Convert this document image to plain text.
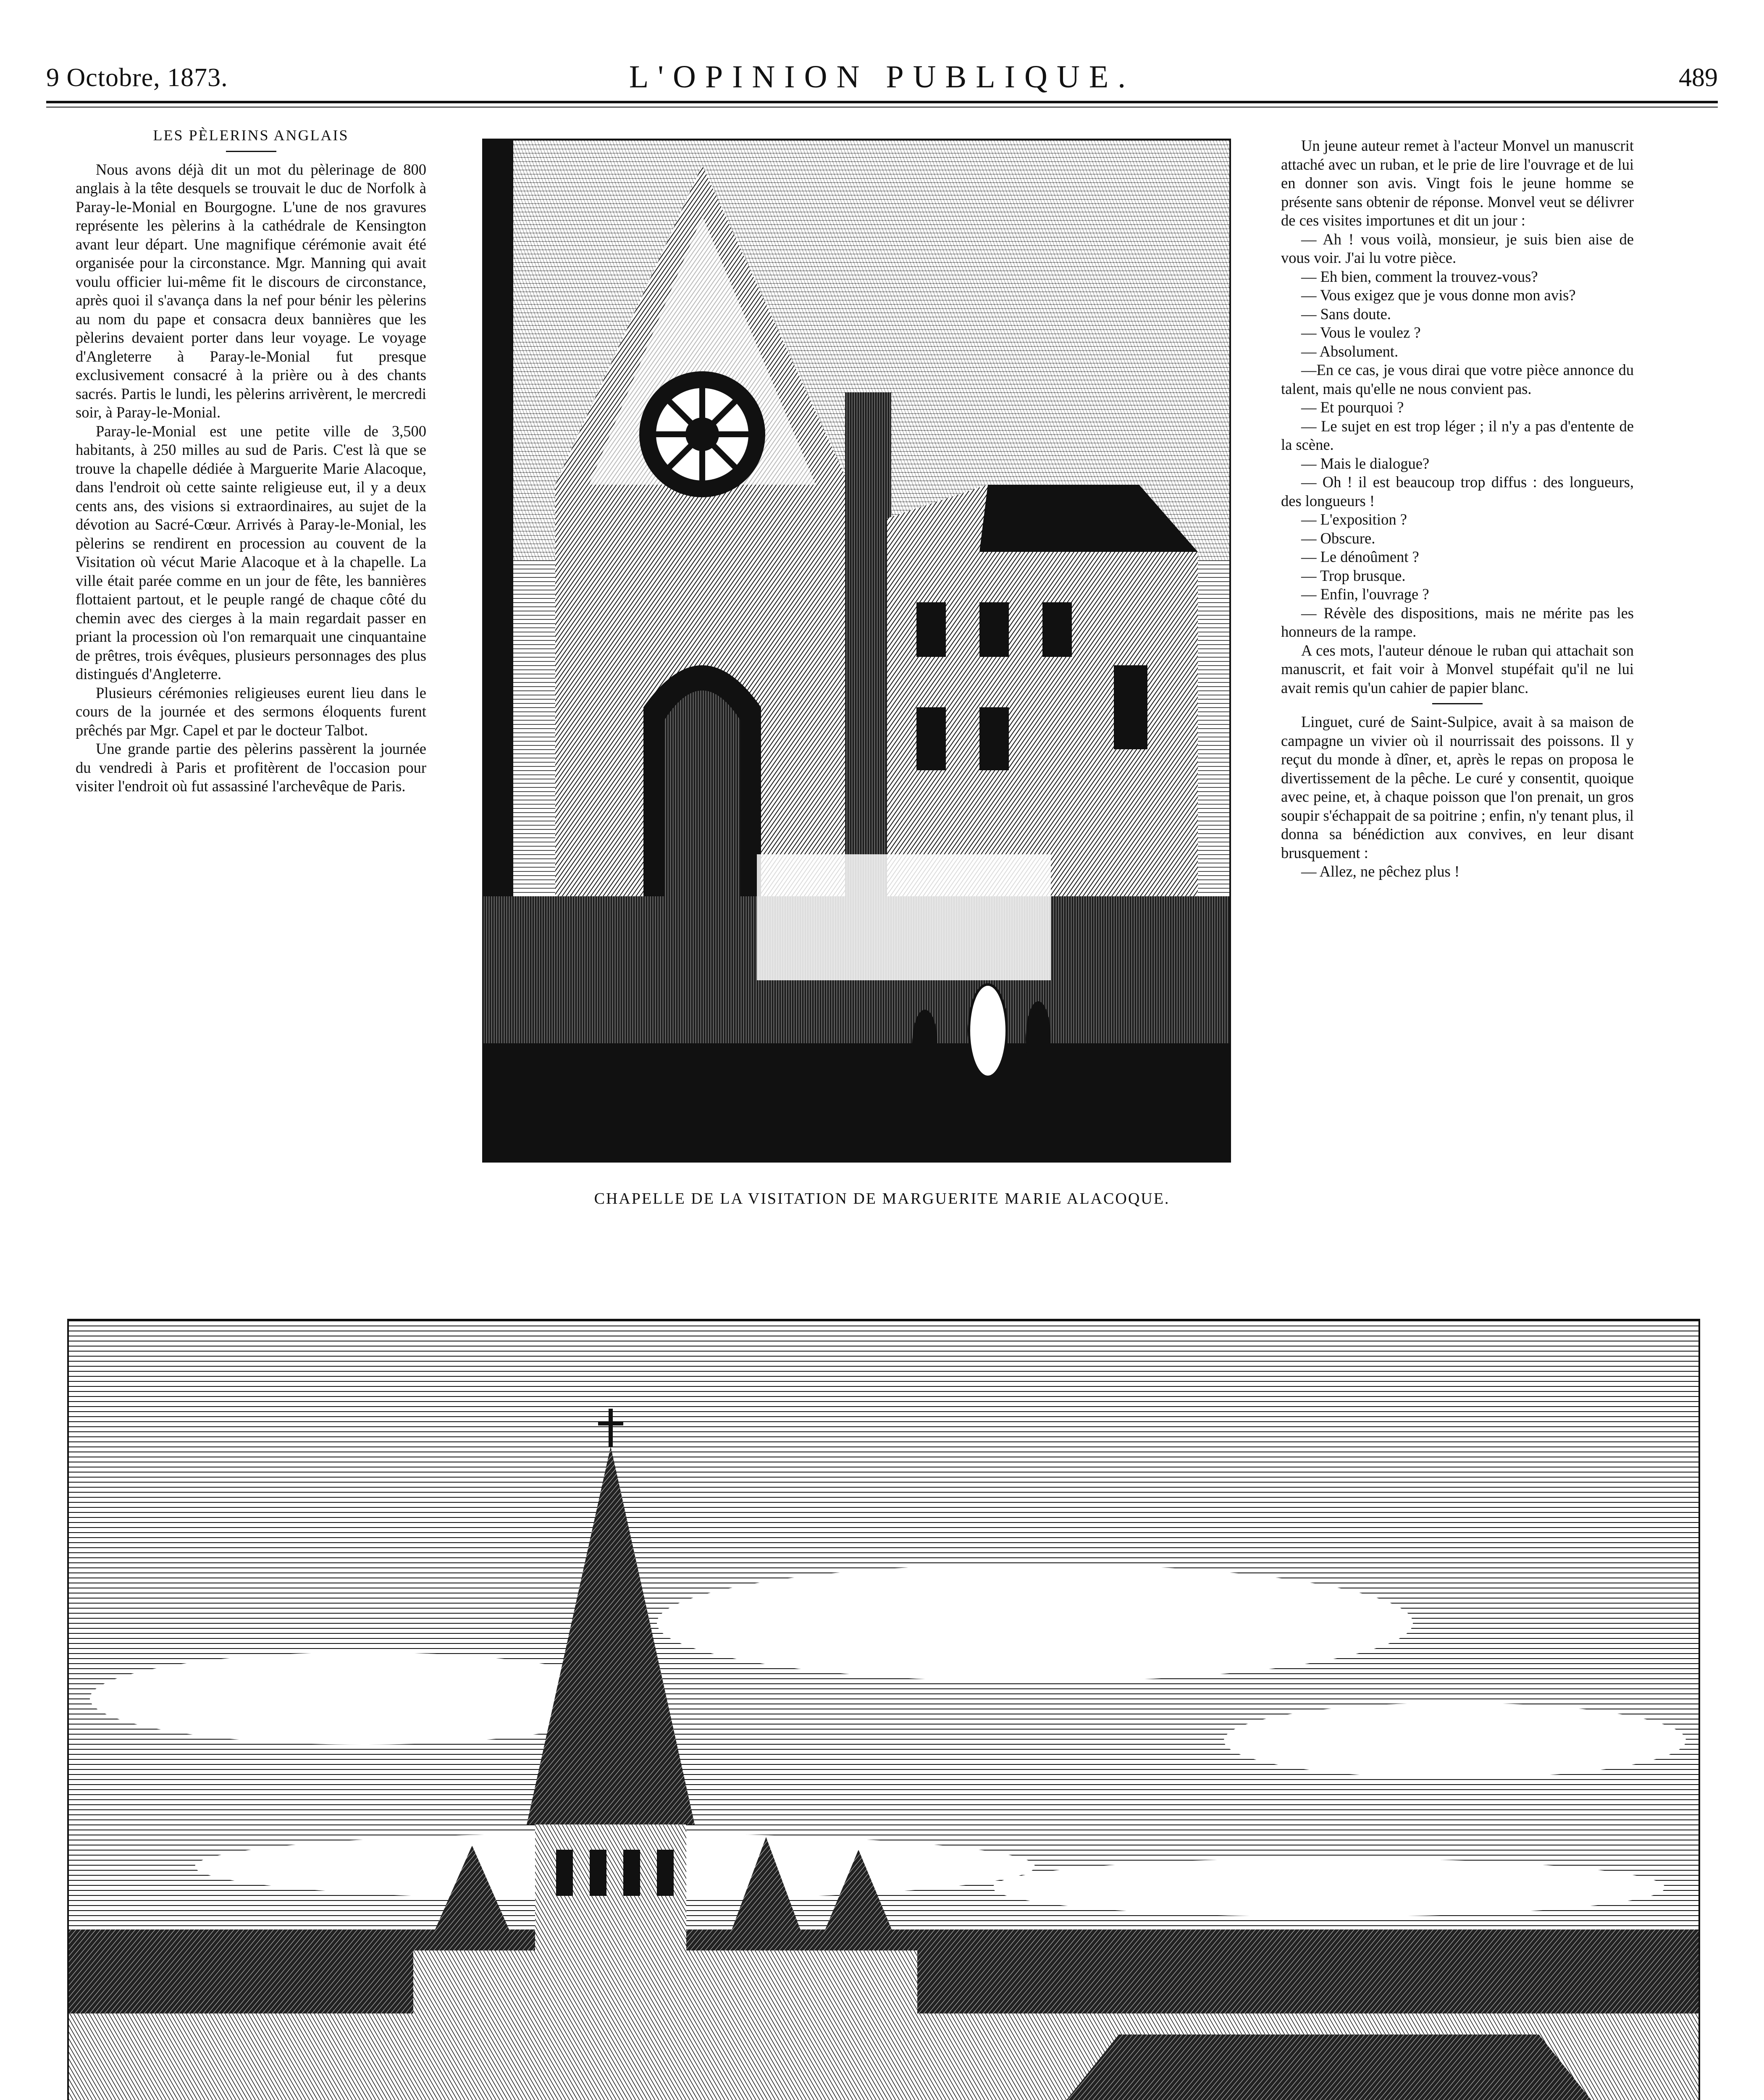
9 Octobre, 1873.	L'OPINION PUBLIQUE.	489

LES PÈLERINS ANGLAIS

Nous avons déjà dit un mot du pèlerinage de 800 anglais à la tête desquels se trouvait le duc de Norfolk à Paray-le-Monial en Bourgogne. L'une de nos gravures représente les pèlerins à la cathédrale de Kensington avant leur départ. Une magnifique cérémonie avait été organisée pour la circonstance. Mgr. Manning qui avait voulu officier lui-même fit le discours de circonstance, après quoi il s'avança dans la nef pour bénir les pèlerins au nom du pape et consacra deux bannières que les pèlerins devaient porter dans leur voyage. Le voyage d'Angleterre à Paray-le-Monial fut presque exclusivement consacré à la prière ou à des chants sacrés. Partis le lundi, les pèlerins arrivèrent, le mercredi soir, à Paray-le-Monial.

Paray-le-Monial est une petite ville de 3,500 habitants, à 250 milles au sud de Paris. C'est là que se trouve la chapelle dédiée à Marguerite Marie Alacoque, dans l'endroit où cette sainte religieuse eut, il y a deux cents ans, des visions si extraordinaires, au sujet de la dévotion au Sacré-Cœur. Arrivés à Paray-le-Monial, les pèlerins se rendirent en procession au couvent de la Visitation où vécut Marie Alacoque et à la chapelle. La ville était parée comme en un jour de fête, les bannières flottaient partout, et le peuple rangé de chaque côté du chemin avec des cierges à la main regardait passer en priant la procession où l'on remarquait une cinquantaine de prêtres, trois évêques, plusieurs personnages des plus distingués d'Angleterre.

Plusieurs cérémonies religieuses eurent lieu dans le cours de la journée et des sermons éloquents furent prêchés par Mgr. Capel et par le docteur Talbot.

Une grande partie des pèlerins passèrent la journée du vendredi à Paris et profitèrent de l'occasion pour visiter l'endroit où fut assassiné l'archevêque de Paris.

CHAPELLE DE LA VISITATION DE MARGUERITE MARIE ALACOQUE.

Un jeune auteur remet à l'acteur Monvel un manuscrit attaché avec un ruban, et le prie de lire l'ouvrage et de lui en donner son avis. Vingt fois le jeune homme se présente sans obtenir de réponse. Monvel veut se délivrer de ces visites importunes et dit un jour :

— Ah ! vous voilà, monsieur, je suis bien aise de vous voir. J'ai lu votre pièce.

— Eh bien, comment la trouvez-vous?

— Vous exigez que je vous donne mon avis?

— Sans doute.

— Vous le voulez ?

— Absolument.

—En ce cas, je vous dirai que votre pièce annonce du talent, mais qu'elle ne nous convient pas.

— Et pourquoi ?

— Le sujet en est trop léger ; il n'y a pas d'entente de la scène.

— Mais le dialogue?

— Oh ! il est beaucoup trop diffus : des longueurs, des longueurs !

— L'exposition ?

— Obscure.

— Le dénoûment ?

— Trop brusque.

— Enfin, l'ouvrage ?

— Révèle des dispositions, mais ne mérite pas les honneurs de la rampe.

A ces mots, l'auteur dénoue le ruban qui attachait son manuscrit, et fait voir à Monvel stupéfait qu'il ne lui avait remis qu'un cahier de papier blanc.

Linguet, curé de Saint-Sulpice, avait à sa maison de campagne un vivier où il nourrissait des poissons. Il y reçut du monde à dîner, et, après le repas on proposa le divertissement de la pêche. Le curé y consentit, quoique avec peine, et, à chaque poisson que l'on prenait, un gros soupir s'échappait de sa poitrine ; enfin, n'y tenant plus, il donna sa bénédiction aux convives, en leur disant brusquement :

— Allez, ne pêchez plus !
